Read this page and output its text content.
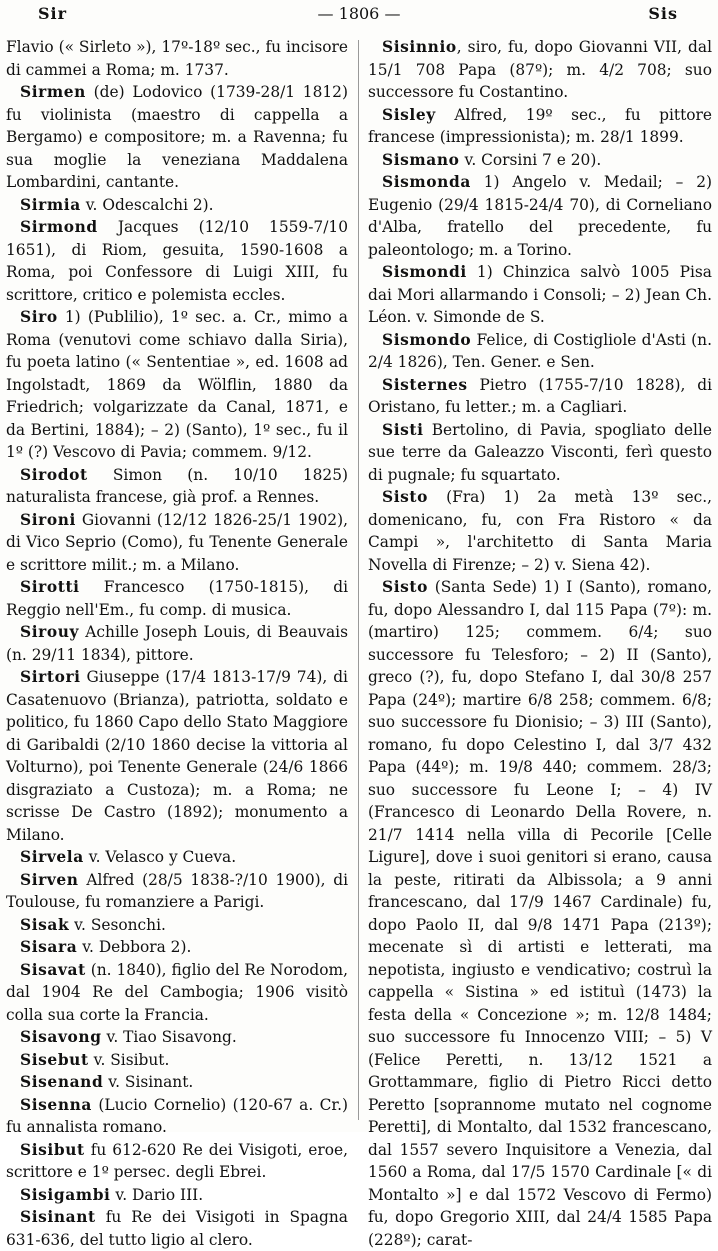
— 1806 —
Sir	Sis

Flavio (« Sirleto »), 17º-18º sec., fu incisore di cammei a Roma; m. 1737.

Sirmen (de) Lodovico (1739-28/1 1812) fu violinista (maestro di cappella a Bergamo) e compositore; m. a Ravenna; fu sua moglie la veneziana Maddalena Lombardini, cantante.

Sirmia v. Odescalchi 2).

Sirmond Jacques (12/10 1559-7/10 1651), di Riom, gesuita, 1590-1608 a Roma, poi Confessore di Luigi XIII, fu scrittore, critico e polemista eccles.

Siro 1) (Publilio), 1º sec. a. Cr., mimo a Roma (venutovi come schiavo dalla Siria), fu poeta latino (« Sententiae », ed. 1608 ad Ingolstadt, 1869 da Wölflin, 1880 da Friedrich; volgarizzate da Canal, 1871, e da Bertini, 1884); – 2) (Santo), 1º sec., fu il 1º (?) Vescovo di Pavia; commem. 9/12.

Sirodot Simon (n. 10/10 1825) naturalista francese, già prof. a Rennes.

Sironi Giovanni (12/12 1826-25/1 1902), di Vico Seprio (Como), fu Tenente Generale e scrittore milit.; m. a Milano.

Sirotti Francesco (1750-1815), di Reggio nell'Em., fu comp. di musica.

Sirouy Achille Joseph Louis, di Beauvais (n. 29/11 1834), pittore.

Sirtori Giuseppe (17/4 1813-17/9 74), di Casatenuovo (Brianza), patriotta, soldato e politico, fu 1860 Capo dello Stato Maggiore di Garibaldi (2/10 1860 decise la vittoria al Volturno), poi Tenente Generale (24/6 1866 disgraziato a Custoza); m. a Roma; ne scrisse De Castro (1892); monumento a Milano.

Sirvela v. Velasco y Cueva.

Sirven Alfred (28/5 1838-?/10 1900), di Toulouse, fu romanziere a Parigi.

Sisak v. Sesonchi.

Sisara v. Debbora 2).

Sisavat (n. 1840), figlio del Re Norodom, dal 1904 Re del Cambogia; 1906 visitò colla sua corte la Francia.

Sisavong v. Tiao Sisavong.

Sisebut v. Sisibut.

Sisenand v. Sisinant.

Sisenna (Lucio Cornelio) (120-67 a. Cr.) fu annalista romano.

Sisibut fu 612-620 Re dei Visigoti, eroe, scrittore e 1º persec. degli Ebrei.

Sisigambi v. Dario III.

Sisinant fu Re dei Visigoti in Spagna 631-636, del tutto ligio al clero.

Sisinnio, siro, fu, dopo Giovanni VII, dal 15/1 708 Papa (87º); m. 4/2 708; suo successore fu Costantino.

Sisley Alfred, 19º sec., fu pittore francese (impressionista); m. 28/1 1899.

Sismano v. Corsini 7 e 20).

Sismonda 1) Angelo v. Medail; – 2) Eugenio (29/4 1815-24/4 70), di Corneliano d'Alba, fratello del precedente, fu paleontologo; m. a Torino.

Sismondi 1) Chinzica salvò 1005 Pisa dai Mori allarmando i Consoli; – 2) Jean Ch. Léon. v. Simonde de S.

Sismondo Felice, di Costigliole d'Asti (n. 2/4 1826), Ten. Gener. e Sen.

Sisternes Pietro (1755-7/10 1828), di Oristano, fu letter.; m. a Cagliari.

Sisti Bertolino, di Pavia, spogliato delle sue terre da Galeazzo Visconti, ferì questo di pugnale; fu squartato.

Sisto (Fra) 1) 2a metà 13º sec., domenicano, fu, con Fra Ristoro « da Campi », l'architetto di Santa Maria Novella di Firenze; – 2) v. Siena 42).

Sisto (Santa Sede) 1) I (Santo), romano, fu, dopo Alessandro I, dal 115 Papa (7º): m. (martiro) 125; commem. 6/4; suo successore fu Telesforo; – 2) II (Santo), greco (?), fu, dopo Stefano I, dal 30/8 257 Papa (24º); martire 6/8 258; commem. 6/8; suo successore fu Dionisio; – 3) III (Santo), romano, fu dopo Celestino I, dal 3/7 432 Papa (44º); m. 19/8 440; commem. 28/3; suo successore fu Leone I; – 4) IV (Francesco di Leonardo Della Rovere, n. 21/7 1414 nella villa di Pecorile [Celle Ligure], dove i suoi genitori si erano, causa la peste, ritirati da Albissola; a 9 anni francescano, dal 17/9 1467 Cardinale) fu, dopo Paolo II, dal 9/8 1471 Papa (213º); mecenate sì di artisti e letterati, ma nepotista, ingiusto e vendicativo; costruì la cappella « Sistina » ed istituì (1473) la festa della « Concezione »; m. 12/8 1484; suo successore fu Innocenzo VIII; – 5) V (Felice Peretti, n. 13/12 1521 a Grottammare, figlio di Pietro Ricci detto Peretto [soprannome mutato nel cognome Peretti], di Montalto, dal 1532 francescano, dal 1557 severo Inquisitore a Venezia, dal 1560 a Roma, dal 17/5 1570 Cardinale [« di Montalto »] e dal 1572 Vescovo di Fermo) fu, dopo Gregorio XIII, dal 24/4 1585 Papa (228º); carat-
